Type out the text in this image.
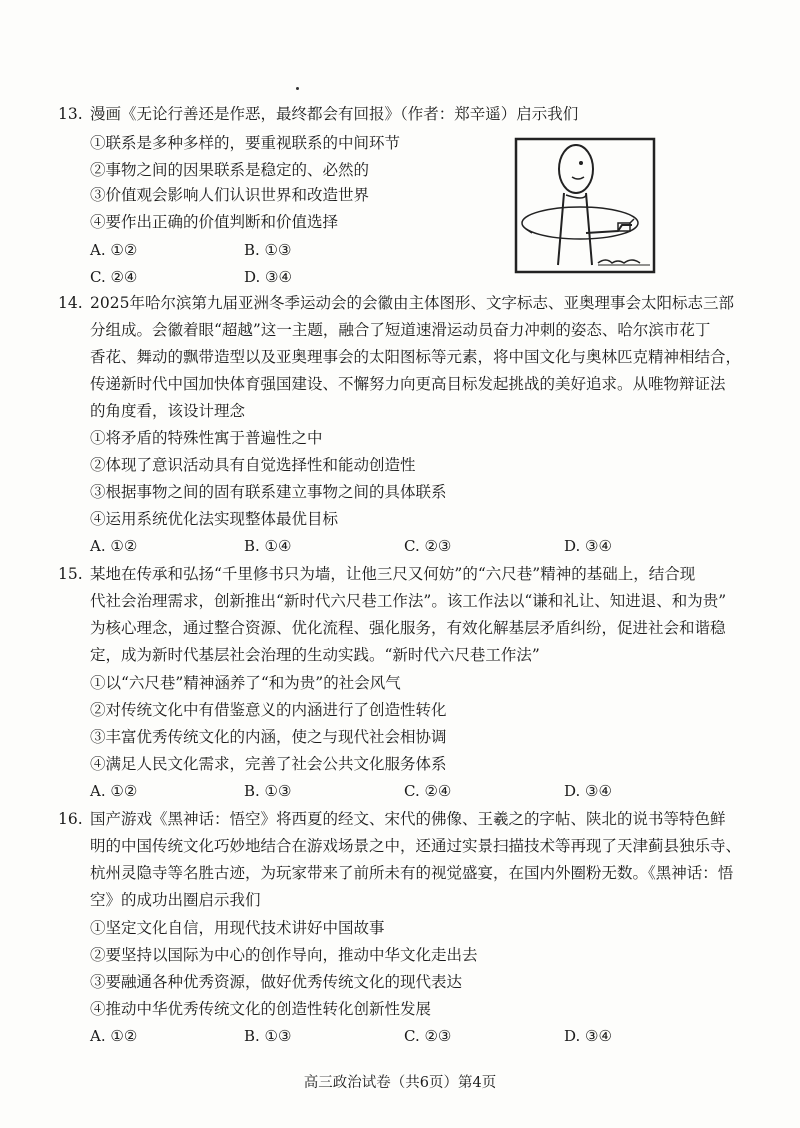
13. 漫画《无论行善还是作恶，最终都会有回报》（作者：郑辛遥）启示我们
①联系是多种多样的，要重视联系的中间环节
②事物之间的因果联系是稳定的、必然的
③价值观会影响人们认识世界和改造世界
④要作出正确的价值判断和价值选择
A. ①②	B. ①③
C. ②④	D. ③④
14. 2025年哈尔滨第九届亚洲冬季运动会的会徽由主体图形、文字标志、亚奥理事会太阳标志三部
分组成。会徽着眼“超越”这一主题，融合了短道速滑运动员奋力冲刺的姿态、哈尔滨市花丁
香花、舞动的飘带造型以及亚奥理事会的太阳图标等元素，将中国文化与奥林匹克精神相结合，
传递新时代中国加快体育强国建设、不懈努力向更高目标发起挑战的美好追求。从唯物辩证法
的角度看，该设计理念
①将矛盾的特殊性寓于普遍性之中
②体现了意识活动具有自觉选择性和能动创造性
③根据事物之间的固有联系建立事物之间的具体联系
④运用系统优化法实现整体最优目标
A. ①②	B. ①④	C. ②③	D. ③④
15. 某地在传承和弘扬“千里修书只为墙，让他三尺又何妨”的“六尺巷”精神的基础上，结合现
代社会治理需求，创新推出“新时代六尺巷工作法”。该工作法以“谦和礼让、知进退、和为贵”
为核心理念，通过整合资源、优化流程、强化服务，有效化解基层矛盾纠纷，促进社会和谐稳
定，成为新时代基层社会治理的生动实践。“新时代六尺巷工作法”
①以“六尺巷”精神涵养了“和为贵”的社会风气
②对传统文化中有借鉴意义的内涵进行了创造性转化
③丰富优秀传统文化的内涵，使之与现代社会相协调
④满足人民文化需求，完善了社会公共文化服务体系
A. ①②	B. ①③	C. ②④	D. ③④
16. 国产游戏《黑神话：悟空》将西夏的经文、宋代的佛像、王羲之的字帖、陕北的说书等特色鲜
明的中国传统文化巧妙地结合在游戏场景之中，还通过实景扫描技术等再现了天津蓟县独乐寺、
杭州灵隐寺等名胜古迹，为玩家带来了前所未有的视觉盛宴，在国内外圈粉无数。《黑神话：悟
空》的成功出圈启示我们
①坚定文化自信，用现代技术讲好中国故事
②要坚持以国际为中心的创作导向，推动中华文化走出去
③要融通各种优秀资源，做好优秀传统文化的现代表达
④推动中华优秀传统文化的创造性转化创新性发展
A. ①②	B. ①③	C. ②③	D. ③④
高三政治试卷（共6页）第4页
